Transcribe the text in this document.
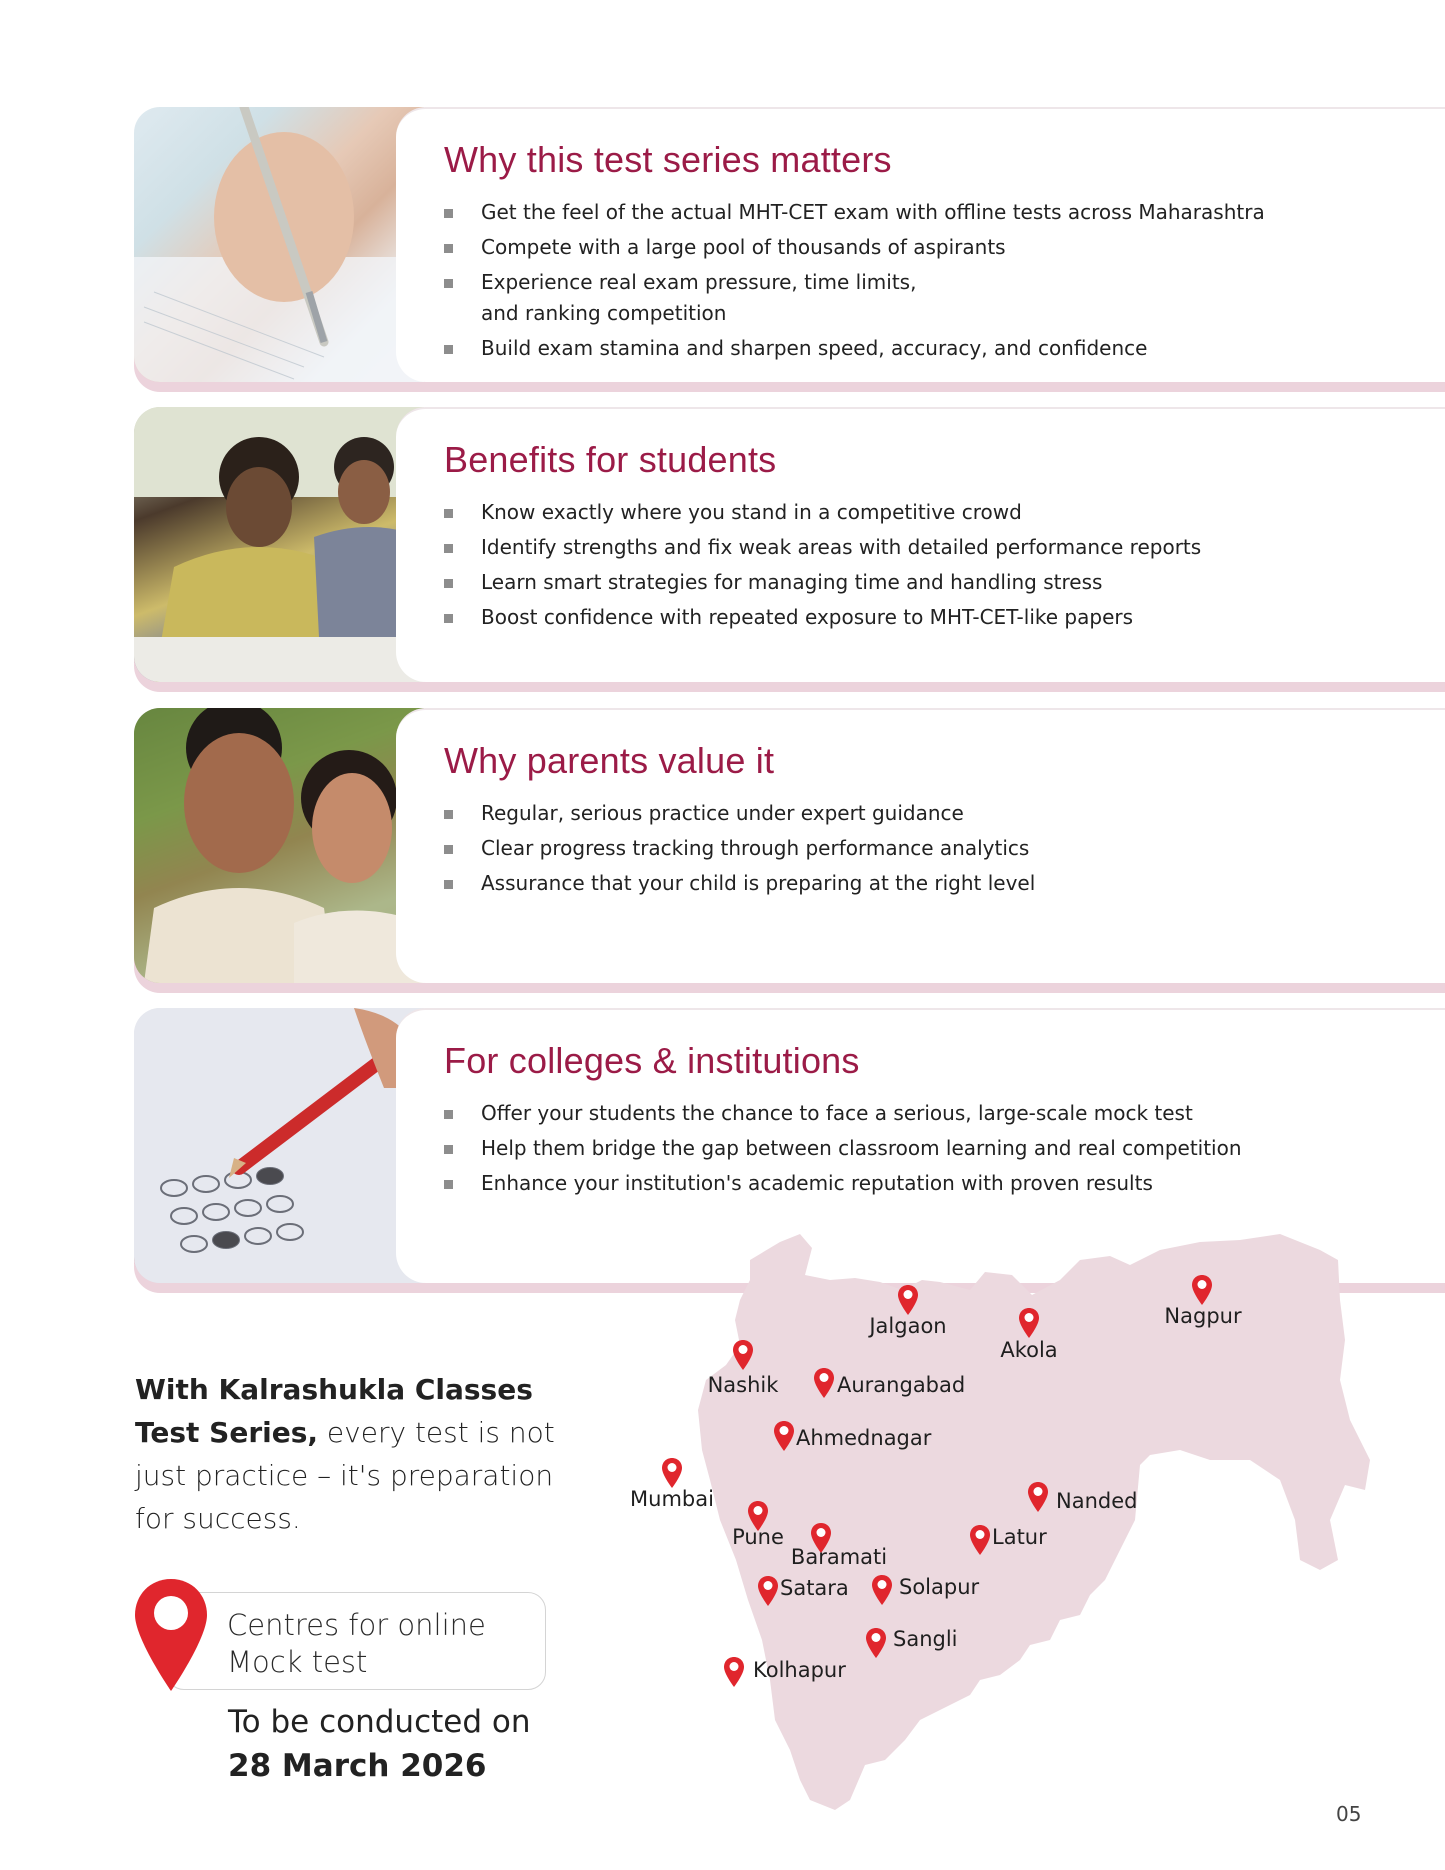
Why this test series matters
Get the feel of the actual MHT-CET exam with offline tests across Maharashtra
Compete with a large pool of thousands of aspirants
Experience real exam pressure, time limits,
and ranking competition
Build exam stamina and sharpen speed, accuracy, and confidence
Benefits for students
Know exactly where you stand in a competitive crowd
Identify strengths and fix weak areas with detailed performance reports
Learn smart strategies for managing time and handling stress
Boost confidence with repeated exposure to MHT-CET-like papers
Why parents value it
Regular, serious practice under expert guidance
Clear progress tracking through performance analytics
Assurance that your child is preparing at the right level
For colleges & institutions
Offer your students the chance to face a serious, large-scale mock test
Help them bridge the gap between classroom learning and real competition
Enhance your institution's academic reputation with proven results
Jalgaon
Akola
Nagpur
Nashik	Aurangabad
Ahmednagar
Mumbai
Pune
Baramati
Latur
Nanded
Satara Solapur
Sangli
Kolhapur
With Kalrashukla Classes Test Series, every test is not just practice – it's preparation for success.
Centres for online
Mock test
To be conducted on
28 March 2026
05
